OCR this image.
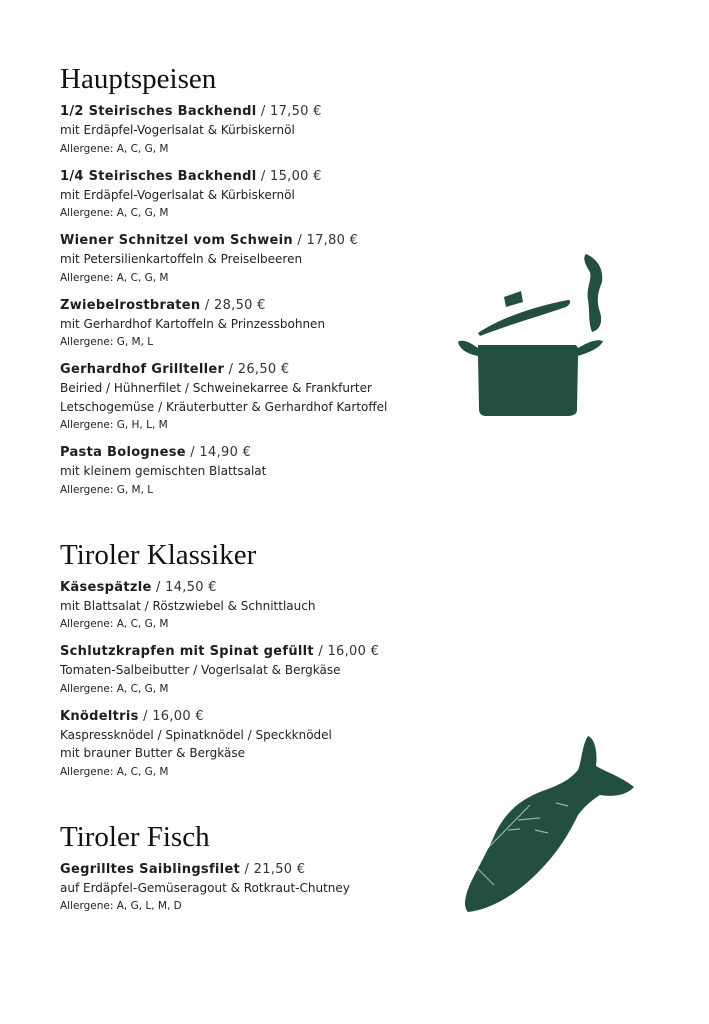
Hauptspeisen
1/2 Steirisches Backhendl / 17,50 €
mit Erdäpfel-Vogerlsalat & Kürbiskernöl
Allergene: A, C, G, M
1/4 Steirisches Backhendl / 15,00 €
mit Erdäpfel-Vogerlsalat & Kürbiskernöl
Allergene: A, C, G, M
Wiener Schnitzel vom Schwein / 17,80 €
mit Petersilienkartoffeln & Preiselbeeren
Allergene: A, C, G, M
Zwiebelrostbraten / 28,50 €
mit Gerhardhof Kartoffeln & Prinzessbohnen
Allergene: G, M, L
Gerhardhof Grillteller / 26,50 €
Beiried / Hühnerfilet / Schweinekarree & Frankfurter
Letschogemüse / Kräuterbutter & Gerhardhof Kartoffel
Allergene: G, H, L, M
Pasta Bolognese / 14,90 €
mit kleinem gemischten Blattsalat
Allergene: G, M, L
Tiroler Klassiker
Käsespätzle / 14,50 €
mit Blattsalat / Röstzwiebel & Schnittlauch
Allergene: A, C, G, M
Schlutzkrapfen mit Spinat gefüllt / 16,00 €
Tomaten-Salbeibutter / Vogerlsalat & Bergkäse
Allergene: A, C, G, M
Knödeltris / 16,00 €
Kaspressknödel / Spinatknödel / Speckknödel
mit brauner Butter & Bergkäse
Allergene: A, C, G, M
Tiroler Fisch
Gegrilltes Saiblingsfilet / 21,50 €
auf Erdäpfel-Gemüseragout & Rotkraut-Chutney
Allergene: A, G, L, M, D
